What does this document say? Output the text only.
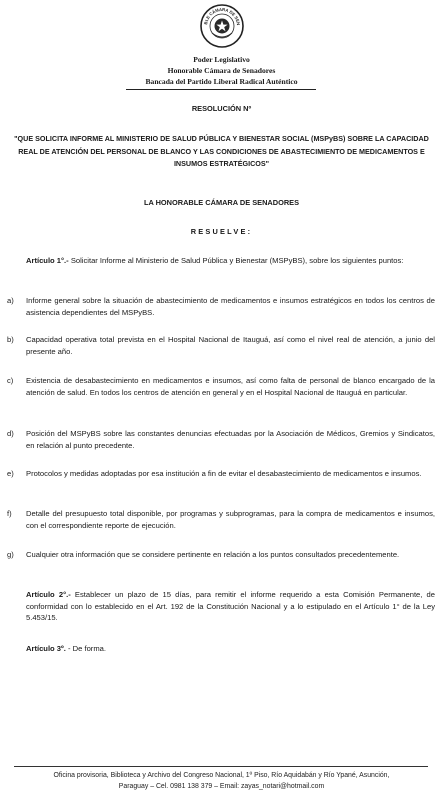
BLE CÁMARA DE SEN
Poder Legislativo
Honorable Cámara de Senadores
Bancada del Partido Liberal Radical Auténtico
RESOLUCIÓN Nº
"QUE SOLICITA INFORME AL MINISTERIO DE SALUD PÚBLICA Y BIENESTAR SOCIAL (MSPyBS) SOBRE LA CAPACIDAD REAL DE ATENCIÓN DEL PERSONAL DE BLANCO Y LAS CONDICIONES DE ABASTECIMIENTO DE MEDICAMENTOS E INSUMOS ESTRATÉGICOS"
LA HONORABLE CÁMARA DE SENADORES
RESUELVE:
Artículo 1°.- Solicitar Informe al Ministerio de Salud Pública y Bienestar (MSPyBS), sobre los siguientes puntos:
a) Informe general sobre la situación de abastecimiento de medicamentos e insumos estratégicos en todos los centros de asistencia dependientes del MSPyBS.
b) Capacidad operativa total prevista en el Hospital Nacional de Itauguá, así como el nivel real de atención, a junio del presente año.
c) Existencia de desabastecimiento en medicamentos e insumos, así como falta de personal de blanco encargado de la atención de salud. En todos los centros de atención en general y en el Hospital Nacional de Itauguá en particular.
d) Posición del MSPyBS sobre las constantes denuncias efectuadas por la Asociación de Médicos, Gremios y Sindicatos, en relación al punto precedente.
e) Protocolos y medidas adoptadas por esa institución a fin de evitar el desabastecimiento de medicamentos e insumos.
f) Detalle del presupuesto total disponible, por programas y subprogramas, para la compra de medicamentos e insumos, con el correspondiente reporte de ejecución.
g) Cualquier otra información que se considere pertinente en relación a los puntos consultados precedentemente.
Artículo 2°.- Establecer un plazo de 15 días, para remitir el informe requerido a esta Comisión Permanente, de conformidad con lo establecido en el Art. 192 de la Constitución Nacional y a lo estipulado en el Artículo 1° de la Ley 5.453/15.
Artículo 3º. - De forma.
Oficina provisoria, Biblioteca y Archivo del Congreso Nacional, 1º Piso, Río Aquidabán y Río Ypané, Asunción,
Paraguay – Cel. 0981 138 379 – Email: zayas_notari@hotmail.com
